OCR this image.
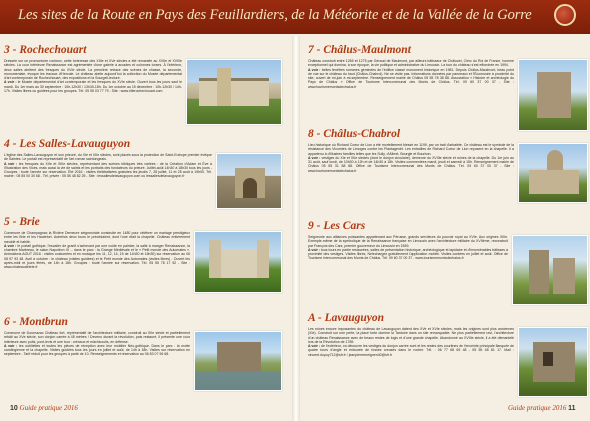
Les sites de la Route en Pays des Feuillardiers, de la Météorite et de la Vallée de la Gorre
3 - Rochechouart
Dressée sur un promontoire rocheux, cette forteresse des XIIIe et XVe siècles a été remaniée au XVIIe et XVIIIe siècles. La cour intérieure Renaissance est agrémentée d'une galerie à arcades et colonnes torses. À l'intérieur, deux salles abritent des fresques du XVIe siècle. La première retrace des scènes de chasse, la seconde, monumentale, évoque les travaux d'Hercule. Le château abrite aujourd'hui la collection du Musée départemental d'art contemporain de Rochechouart, des expositions et la Sourgeil-lecture.
A voir : le Musée départemental d'art contemporain et les fresques du XVIe siècle. Ouvert tous les jours sauf le mardi. Du 1er mars au 30 septembre : 10h-12h30 / 13h30-18h. Du 1er octobre au 15 décembre : 10h-12h30 / 14h-17h. Visites libres ou guidées pour les groupes. Tél. 05 55 03 77 79 - Site : www.rillerochechouart.com
4 - Les Salles-Lavauguyon
L'église des Salles-Lavauguyon et son prieuré, du XIe et XIIe siècles, sont placés sous la protection de Saint-Eutrope premier évêque de Saintes. Le portail est représentatif de l'art roman saintongeais.
A voir : les fresques du XIIe et XIIIe siècles, représentant des scènes bibliques très variées : de la Création d'Adam et Ève à l'illustration des Vices, mais aussi la vie de saints et les portraits des fondateurs du prieuré. Juillet-août 14h30 à 18h30 tous les jours - Groupes : toute l'année sur réservation. Été 2016 : visites théâtralisées gratuites les jeudis 7, 28 juillet, 11 et 25 août à 19h00. Tél. mairie : 05 55 00 30 68 - Tél. privée : 05 55 48 82 25 - Site : lessallesdelavauguyon.com ou lessallesdelavauguyon.fr
5 - Brie
Commune de Champagnac la Rivière Demeure seigneuriale construite en 1480 pour célébrer un mariage prestigieux entre les Brie et les Hautefort. Autrefois deux tours le précédaient, dont l'une était la chapelle. Château entièrement meublé et habité.
A voir : le portail gothique, l'escalier de granit s'achevant par une voûte en palmier, la salle à manger Renaissance, la chambre Marbreau, le salon Napoléon III ... dans le parc : la Grange Médiévale et le « Petit monde des Automates ». Animations AOUT 2016 : visites costumées et en musique les 11, 12, 14, 15 de 14h30 et 16h30) sur réservation au 06 08 97 93 48. Avril à octobre : le château (visites guidées) et le Petit monde des Automates (visites libres) - Ouvert les après-midi et jours fériés, de 14h à 18h. Groupes : toute l'année sur réservation. Tél. 05 55 78 17 52 - Site : www.chateaudebrie.fr
6 - Montbrun
Commune de Dournazac Château fort, représentatif de l'architecture militaire, construit au XIIe siècle et partiellement rebâti au XVe siècle, son donjon carrée à 45 mètres ! Devenu durant la révolution, pais restauré, il présente une cour intérieure avec puits, pont-levis et une tour : crénaux et mâchicoulis, en défense.
A voir : les oubliettes et toutes les pièces de réception avec leur mobilier Néo-gothique. Dans le parc : la motte carolingienne et la chapelle. Visites guidées tous les jours en juillet et août, de 14h à 18h. Visites sur réservation en septembre - Tarif réduit pour les groupes à partir de 10. Renseignements et réservation au 06 83 07 96 68.
7 - Châlus-Maulmont
Château construit entre 1265 et 1275 par Géraud de Maulmont, par ailleurs bâtisseur de Châlucet, Clerc du Roi de France, homme exceptionnel qui domina, à son époque, la vie politique et administrative du Limousin. La tour du château s'est effondrée en 1994.
A voir : belles fenêtres romanes géminées de l'édifice classé monument historique en 1981. Depuis Châlus-Maulmont, beau point de vue sur le château du haut (Châlus-Chabrol). Ne se visite pas. Informations données par panneaux et l'Écomusée à proximité du site, ouvert de mi-juin à mi-septembre. Renseignement mairie de Châlus 05 55 78 38 88. Association « Histoire et archéologie du Pays de Châlus » Office de Tourisme Intercommunal des Monts de Châlus. Tél. 09 60 37 00 37 - Site : www.tourismemontsdechalus.fr
8 - Châlus-Chabrol
Lieu historique où Richard Coeur de Lion a été mortellement blessé en 1199, par un trait d'arbalète. Ce château est le symbole de la résistance des Vicomtes de Limoges contre les Plantagenêt. Les entrailles de Richard Coeur de Lion reposent en la chapelle. Il a appartenu à d'illustres familles telles que les Sully, d'Albret, Bourgie et Bourbon.
A voir : vestiges du XIe et XIIe siècles (dont le donjon circulaire), demeure du XVIIIe siècle et ruines de la chapelle. Du 1er juin au 31 août, sauf lundi, de 10h30 à 12h et de 14h30 à 18h. Visites commentées mardi, jeudi et samedi à 15h. Renseignement mairie de Châlus 05 55 31 88 88. Office de Tourisme Intercommunal des Monts de Châlus. Tél. 09 60 37 00 37 - Site : www.tourismemontsdechalus.fr
9 - Les Cars
Seigneurie aux alliances puissantes appartenant aux Pérusse, grands serviteurs du pouvoir royal au XVIe. Aux origines XIIIe. Exemple-même de la symbolique de la Renaissance française en Limousin avec l'architecture militaire du XVIIème, reconstruit par François des Cars, premier gouverneur du Limousin en 1559.
A voir : tous tours en partie restaurées, salles de présentation historique, archéologique et lapidaire et d'innombrables bâtisses à proximité des vestiges. Visites libres, Nelechargez gratuitement l'application mobile. Visites contées en juillet et août. Office de Tourisme Intercommunal des Monts de Châlus. Tél. 09 60 37 00 37 - www.tourismemontsdechalus.fr
A - Lavauguyon
Les ruines encore imposantes du château de Lavauguyon datent des XVe et XVIe siècles, mais les origines sont plus anciennes (XIe). Construit sur une perte, la place forte domine la Tardoire dans un site remarquable. Ne plus partiellement ravi, l'architecture d'un château Renaissance avec de beaux restes de logis et d'une grande chapelle. Abandonné au XVIIIe siècle, il a été démantelé lors de la Révolution de 1789.
A voir : de l'extérieur, on découvre les vestiges du donjon carrée sont et les restes des courtines de l'enceinte principale flanquée de quatre tours d'angle et entourée de fossés creusés dans le rocher. Tél. : 06 77 68 65 48 - 05 55 48 81 17. Mail : vincent.dupuy712@sfr.fr / jeanpierremeignen40@sfr.fr
10 Guide pratique 2016	Guide pratique 2016 11
